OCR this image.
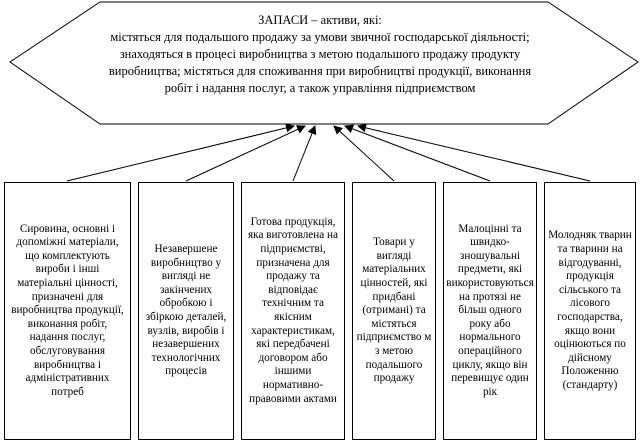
ЗАПАСИ – активи, які:
містяться для подальшого продажу за умови звичної господарської діяльності;
знаходяться в процесі виробництва з метою подальшого продажу продукту
виробництва; містяться для споживання при виробництві продукції, виконання
робіт і надання послуг, а також управління підприємством
Сировина, основні і допоміжні матеріали, що комплектують вироби і інші матеріальні цінності, призначені для виробництва продукції, виконання робіт, надання послуг, обслуговування виробництва і адміністративних потреб
Незавершене виробництво у вигляді не закінчених обробкою і збіркою деталей, вузлів, виробів і незавершених технологічних процесів
Готова продукція, яка виготовлена на підприємстві, призначена для продажу та відповідає технічним та якісним характеристикам, які передбачені договором або іншими нормативно-правовими актами
Товари у вигляді матеріальних цінностей, які придбані (отримані) та містяться підприємство м з метою подальшого продажу
Малоцінні та швидко-зношувальні предмети, які використовуються на протязі не більш одного року або нормального операційного циклу, якщо він перевищує один рік
Молодняк тварин та тварини на відгодуванні, продукція сільського та лісового господарства, якщо вони оцінюються по дійсному Положенню (стандарту)
